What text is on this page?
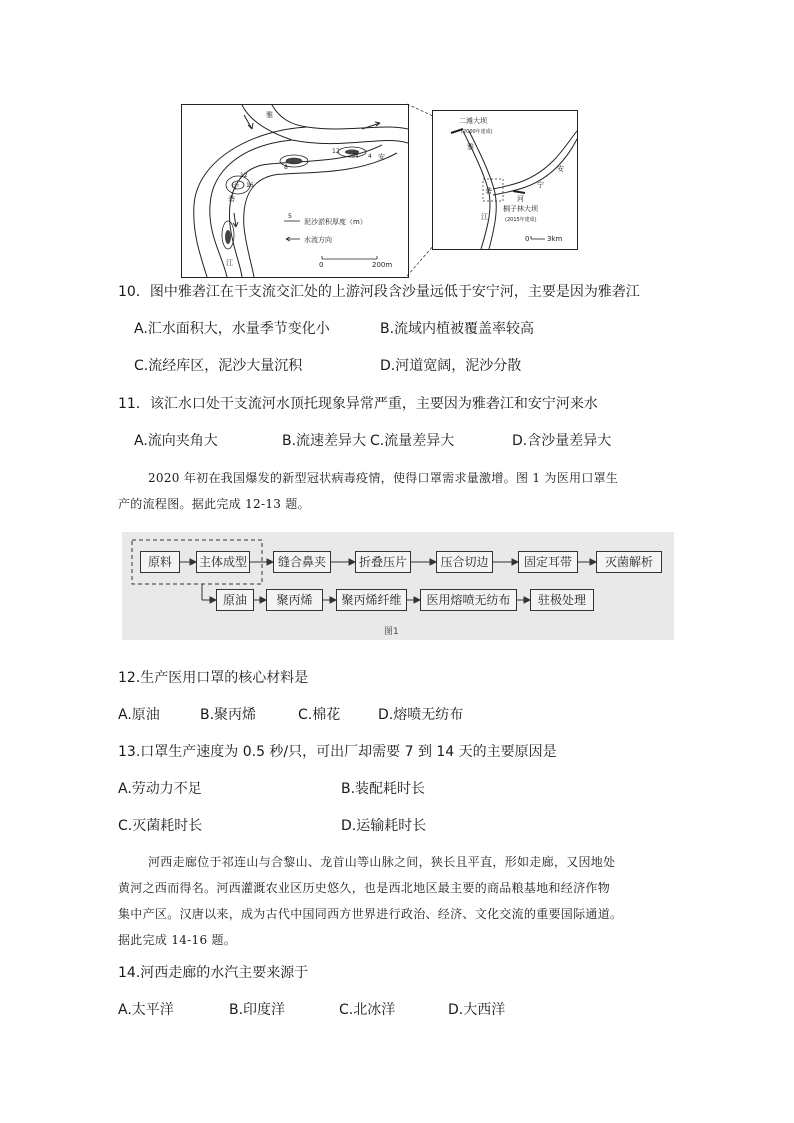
12
16
12
8
4
雅
安
江
宁
河
砻
5
泥沙淤积厚度（m）
水流方向
0	200m
二滩大坝
(2000年建成)
桐子林大坝
(2015年建成)
雅
砻
安
宁
江
河
0	3km
10．图中雅砻江在干支流交汇处的上游河段含沙量远低于安宁河，主要是因为雅砻江
A.汇水面积大，水量季节变化小	B.流域内植被覆盖率较高
C.流经库区，泥沙大量沉积	D.河道宽阔，泥沙分散
11．该汇水口处干支流河水顶托现象异常严重，主要因为雅砻江和安宁河来水
A.流向夹角大	B.流速差异大 C.流量差异大	D.含沙量差异大
2020 年初在我国爆发的新型冠状病毒疫情，使得口罩需求量激增。图 1 为医用口罩生
产的流程图。据此完成 12-13 题。
原料	主体成型	缝合鼻夹	折叠压片	压合切边	固定耳带	灭菌解析
原油	聚丙烯	聚丙烯纤维	医用熔喷无纺布	驻极处理
图1
12.生产医用口罩的核心材料是
A.原油	B.聚丙烯	C.棉花	D.熔喷无纺布
13.口罩生产速度为 0.5 秒/只，可出厂却需要 7 到 14 天的主要原因是
A.劳动力不足	B.装配耗时长
C.灭菌耗时长	D.运输耗时长
河西走廊位于祁连山与合黎山、龙首山等山脉之间，狭长且平直，形如走廊，又因地处
黄河之西而得名。河西灌溉农业区历史悠久，也是西北地区最主要的商品粮基地和经济作物
集中产区。汉唐以来，成为古代中国同西方世界进行政治、经济、文化交流的重要国际通道。
据此完成 14-16 题。
14.河西走廊的水汽主要来源于
A.太平洋	B.印度洋	C.北冰洋	D.大西洋
